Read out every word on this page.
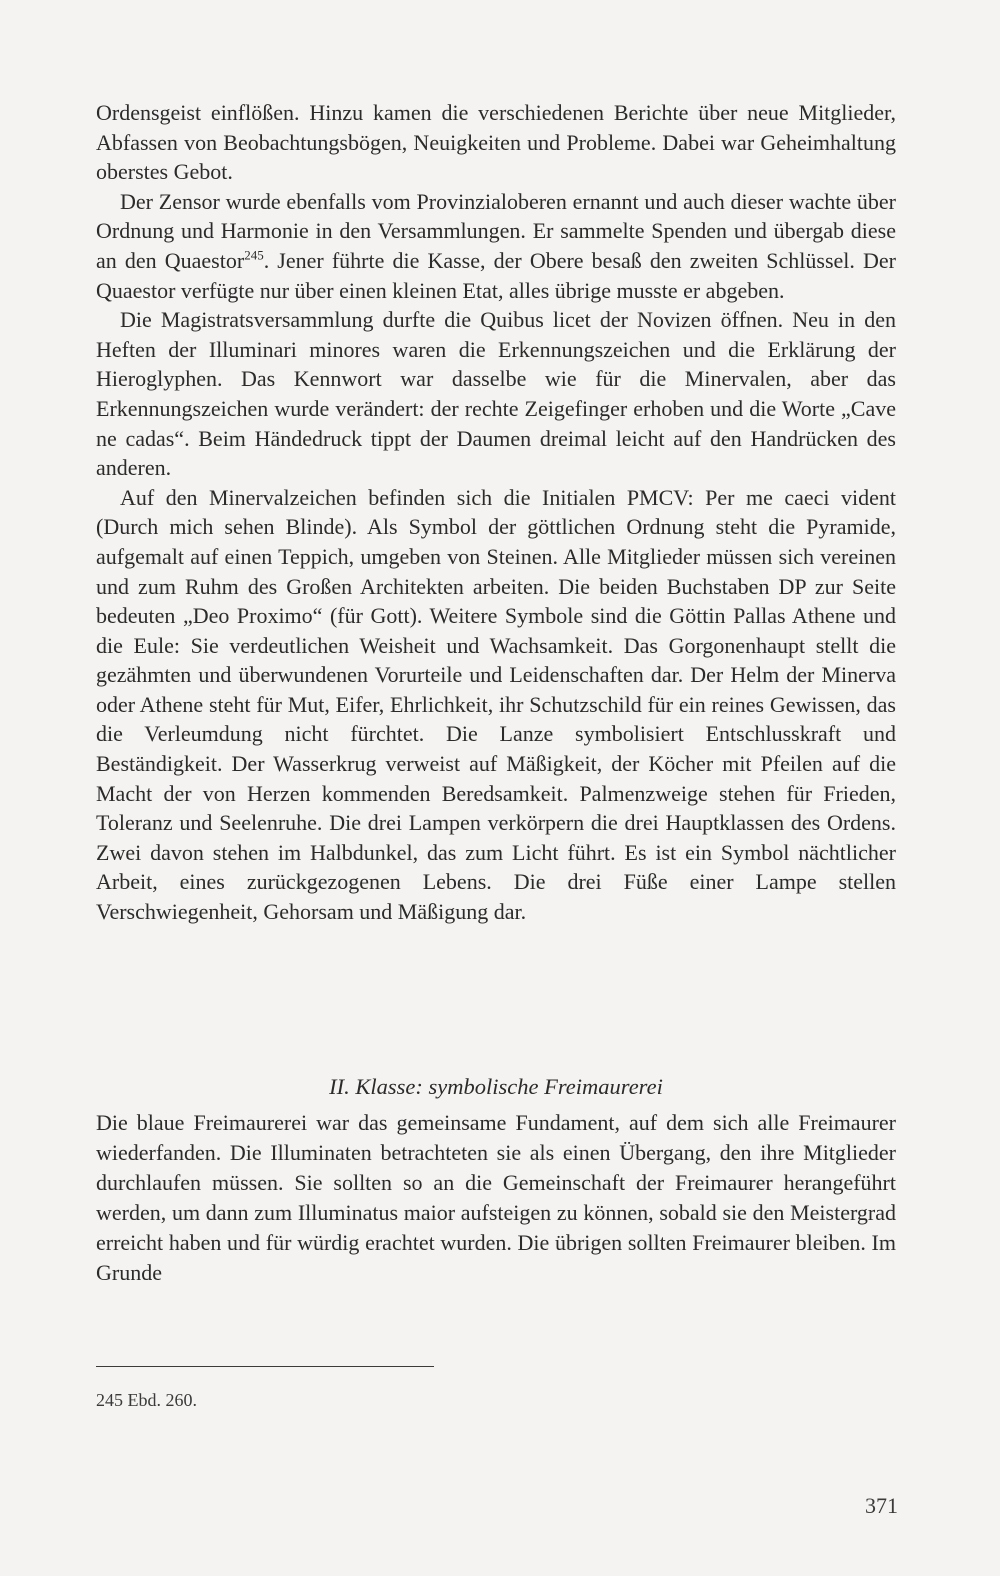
Ordensgeist einflößen. Hinzu kamen die verschiedenen Berichte über neue Mitglieder, Abfassen von Beobachtungsbögen, Neuigkeiten und Probleme. Dabei war Geheimhaltung oberstes Gebot.

Der Zensor wurde ebenfalls vom Provinzialoberen ernannt und auch dieser wachte über Ordnung und Harmonie in den Versammlungen. Er sammelte Spenden und übergab diese an den Quaestor$^{245}$. Jener führte die Kasse, der Obere besaß den zweiten Schlüssel. Der Quaestor verfügte nur über einen kleinen Etat, alles übrige musste er abgeben.

Die Magistratsversammlung durfte die Quibus licet der Novizen öffnen. Neu in den Heften der Illuminari minores waren die Erkennungszeichen und die Erklärung der Hieroglyphen. Das Kennwort war dasselbe wie für die Minervalen, aber das Erkennungszeichen wurde verändert: der rechte Zeigefinger erhoben und die Worte „Cave ne cadas“. Beim Händedruck tippt der Daumen dreimal leicht auf den Handrücken des anderen.

Auf den Minervalzeichen befinden sich die Initialen PMCV: Per me caeci vident (Durch mich sehen Blinde). Als Symbol der göttlichen Ordnung steht die Pyramide, aufgemalt auf einen Teppich, umgeben von Steinen. Alle Mitglieder müssen sich vereinen und zum Ruhm des Großen Architekten arbeiten. Die beiden Buchstaben DP zur Seite bedeuten „Deo Proximo“ (für Gott). Weitere Symbole sind die Göttin Pallas Athene und die Eule: Sie verdeutlichen Weisheit und Wachsamkeit. Das Gorgonenhaupt stellt die gezähmten und überwundenen Vorurteile und Leidenschaften dar. Der Helm der Minerva oder Athene steht für Mut, Eifer, Ehrlichkeit, ihr Schutzschild für ein reines Gewissen, das die Verleumdung nicht fürchtet. Die Lanze symbolisiert Entschlusskraft und Beständigkeit. Der Wasserkrug verweist auf Mäßigkeit, der Köcher mit Pfeilen auf die Macht der von Herzen kommenden Beredsamkeit. Palmenzweige stehen für Frieden, Toleranz und Seelenruhe. Die drei Lampen verkörpern die drei Hauptklassen des Ordens. Zwei davon stehen im Halbdunkel, das zum Licht führt. Es ist ein Symbol nächtlicher Arbeit, eines zurückgezogenen Lebens. Die drei Füße einer Lampe stellen Verschwiegenheit, Gehorsam und Mäßigung dar.

II. Klasse: symbolische Freimaurerei

Die blaue Freimaurerei war das gemeinsame Fundament, auf dem sich alle Freimaurer wiederfanden. Die Illuminaten betrachteten sie als einen Übergang, den ihre Mitglieder durchlaufen müssen. Sie sollten so an die Gemeinschaft der Freimaurer herangeführt werden, um dann zum Illuminatus maior aufsteigen zu können, sobald sie den Meistergrad erreicht haben und für würdig erachtet wurden. Die übrigen sollten Freimaurer bleiben. Im Grunde

245 Ebd. 260.
371
